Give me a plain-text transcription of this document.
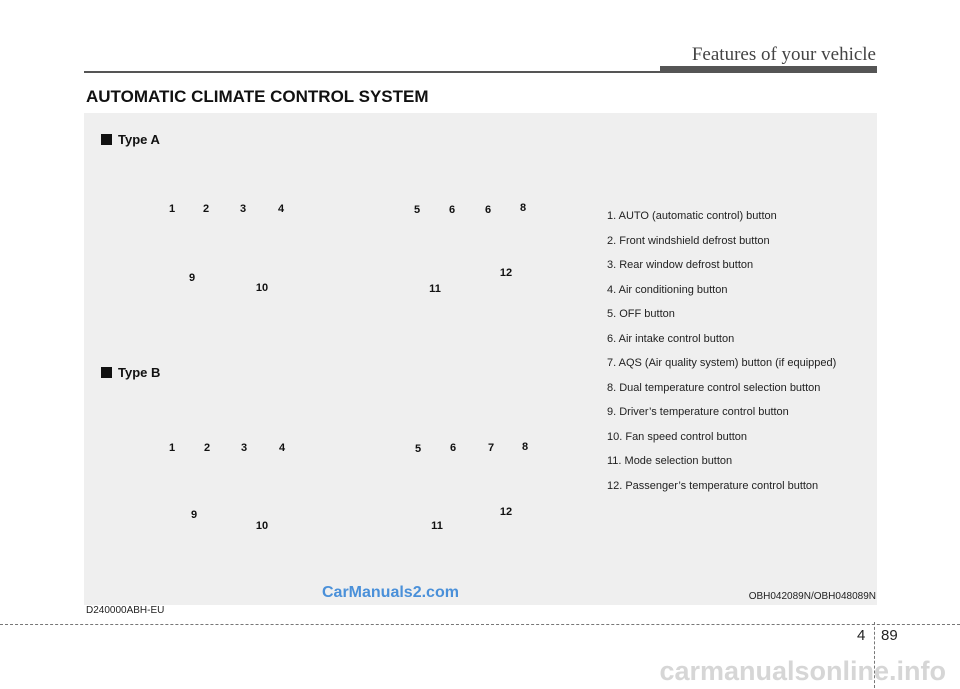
Features of your vehicle
AUTOMATIC CLIMATE CONTROL SYSTEM
Type A
1	2	3	4	5	6	6	8
9
10	11
12
Type B
1	2	3	4	5	6	7	8
9
10	11
12
1. AUTO (automatic control) button
2. Front windshield defrost button
3. Rear window defrost button
4. Air conditioning button
5. OFF button
6. Air intake control button
7. AQS (Air quality system) button (if equipped)
8. Dual temperature control selection button
9. Driver’s temperature control button
10. Fan speed control button
11. Mode selection button
12. Passenger’s temperature control button
OBH042089N/OBH048089N
CarManuals2.com
D240000ABH-EU
4 89
carmanualsonline.info
